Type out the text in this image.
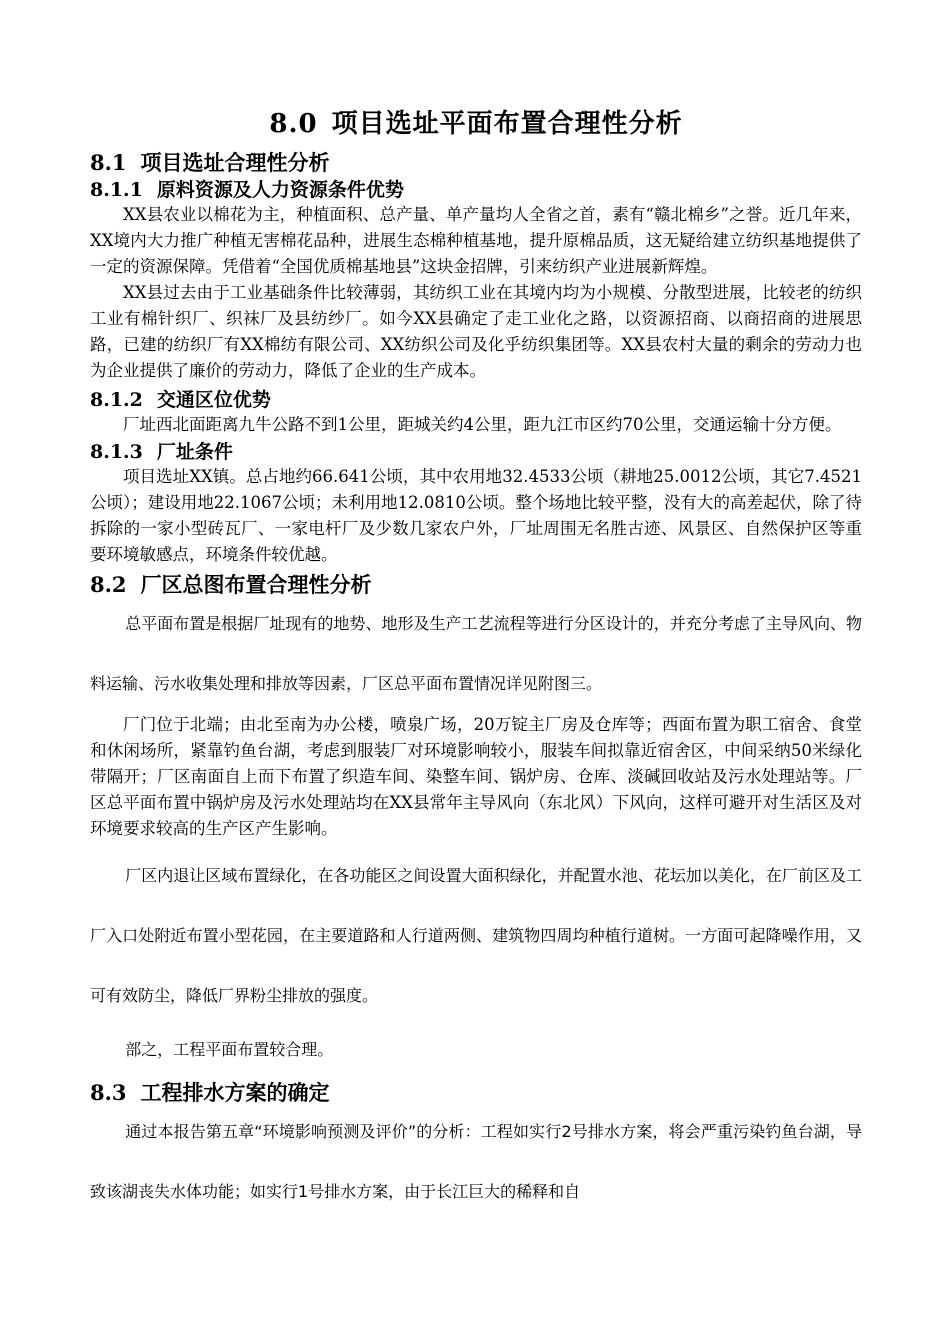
8.0 项目选址平面布置合理性分析
8.1 项目选址合理性分析
8.1.1 原料资源及人力资源条件优势

XX县农业以棉花为主，种植面积、总产量、单产量均人全省之首，素有“赣北棉乡”之誉。近几年来，XX境内大力推广种植无害棉花品种，进展生态棉种植基地，提升原棉品质，这无疑给建立纺织基地提供了一定的资源保障。凭借着“全国优质棉基地县”这块金招牌，引来纺织产业进展新辉煌。

XX县过去由于工业基础条件比较薄弱，其纺织工业在其境内均为小规模、分散型进展，比较老的纺织工业有棉针织厂、织袜厂及县纺纱厂。如今XX县确定了走工业化之路，以资源招商、以商招商的进展思路，已建的纺织厂有XX棉纺有限公司、XX纺织公司及化乎纺织集团等。XX县农村大量的剩余的劳动力也为企业提供了廉价的劳动力，降低了企业的生产成本。

8.1.2 交通区位优势

厂址西北面距离九牛公路不到1公里，距城关约4公里，距九江市区约70公里，交通运输十分方便。

8.1.3 厂址条件

项目选址XX镇。总占地约66.641公顷，其中农用地32.4533公顷（耕地25.0012公顷，其它7.4521公顷）；建设用地22.1067公顷；未利用地12.0810公顷。整个场地比较平整，没有大的高差起伏，除了待拆除的一家小型砖瓦厂、一家电杆厂及少数几家农户外，厂址周围无名胜古迹、风景区、自然保护区等重要环境敏感点，环境条件较优越。

8.2 厂区总图布置合理性分析

总平面布置是根据厂址现有的地势、地形及生产工艺流程等进行分区设计的，并充分考虑了主导风向、物料运输、污水收集处理和排放等因素，厂区总平面布置情况详见附图三。

厂门位于北端；由北至南为办公楼，喷泉广场，20万锭主厂房及仓库等；西面布置为职工宿舍、食堂和休闲场所，紧靠钓鱼台湖，考虑到服装厂对环境影响较小，服装车间拟靠近宿舍区，中间采纳50米绿化带隔开；厂区南面自上而下布置了织造车间、染整车间、锅炉房、仓库、淡碱回收站及污水处理站等。厂区总平面布置中锅炉房及污水处理站均在XX县常年主导风向（东北风）下风向，这样可避开对生活区及对环境要求较高的生产区产生影响。

厂区内退让区域布置绿化，在各功能区之间设置大面积绿化，并配置水池、花坛加以美化，在厂前区及工厂入口处附近布置小型花园，在主要道路和人行道两侧、建筑物四周均种植行道树。一方面可起降噪作用，又可有效防尘，降低厂界粉尘排放的强度。

部之，工程平面布置较合理。

8.3 工程排水方案的确定

通过本报告第五章“环境影响预测及评价”的分析：工程如实行2号排水方案，将会严重污染钓鱼台湖，导致该湖丧失水体功能；如实行1号排水方案，由于长江巨大的稀释和自
